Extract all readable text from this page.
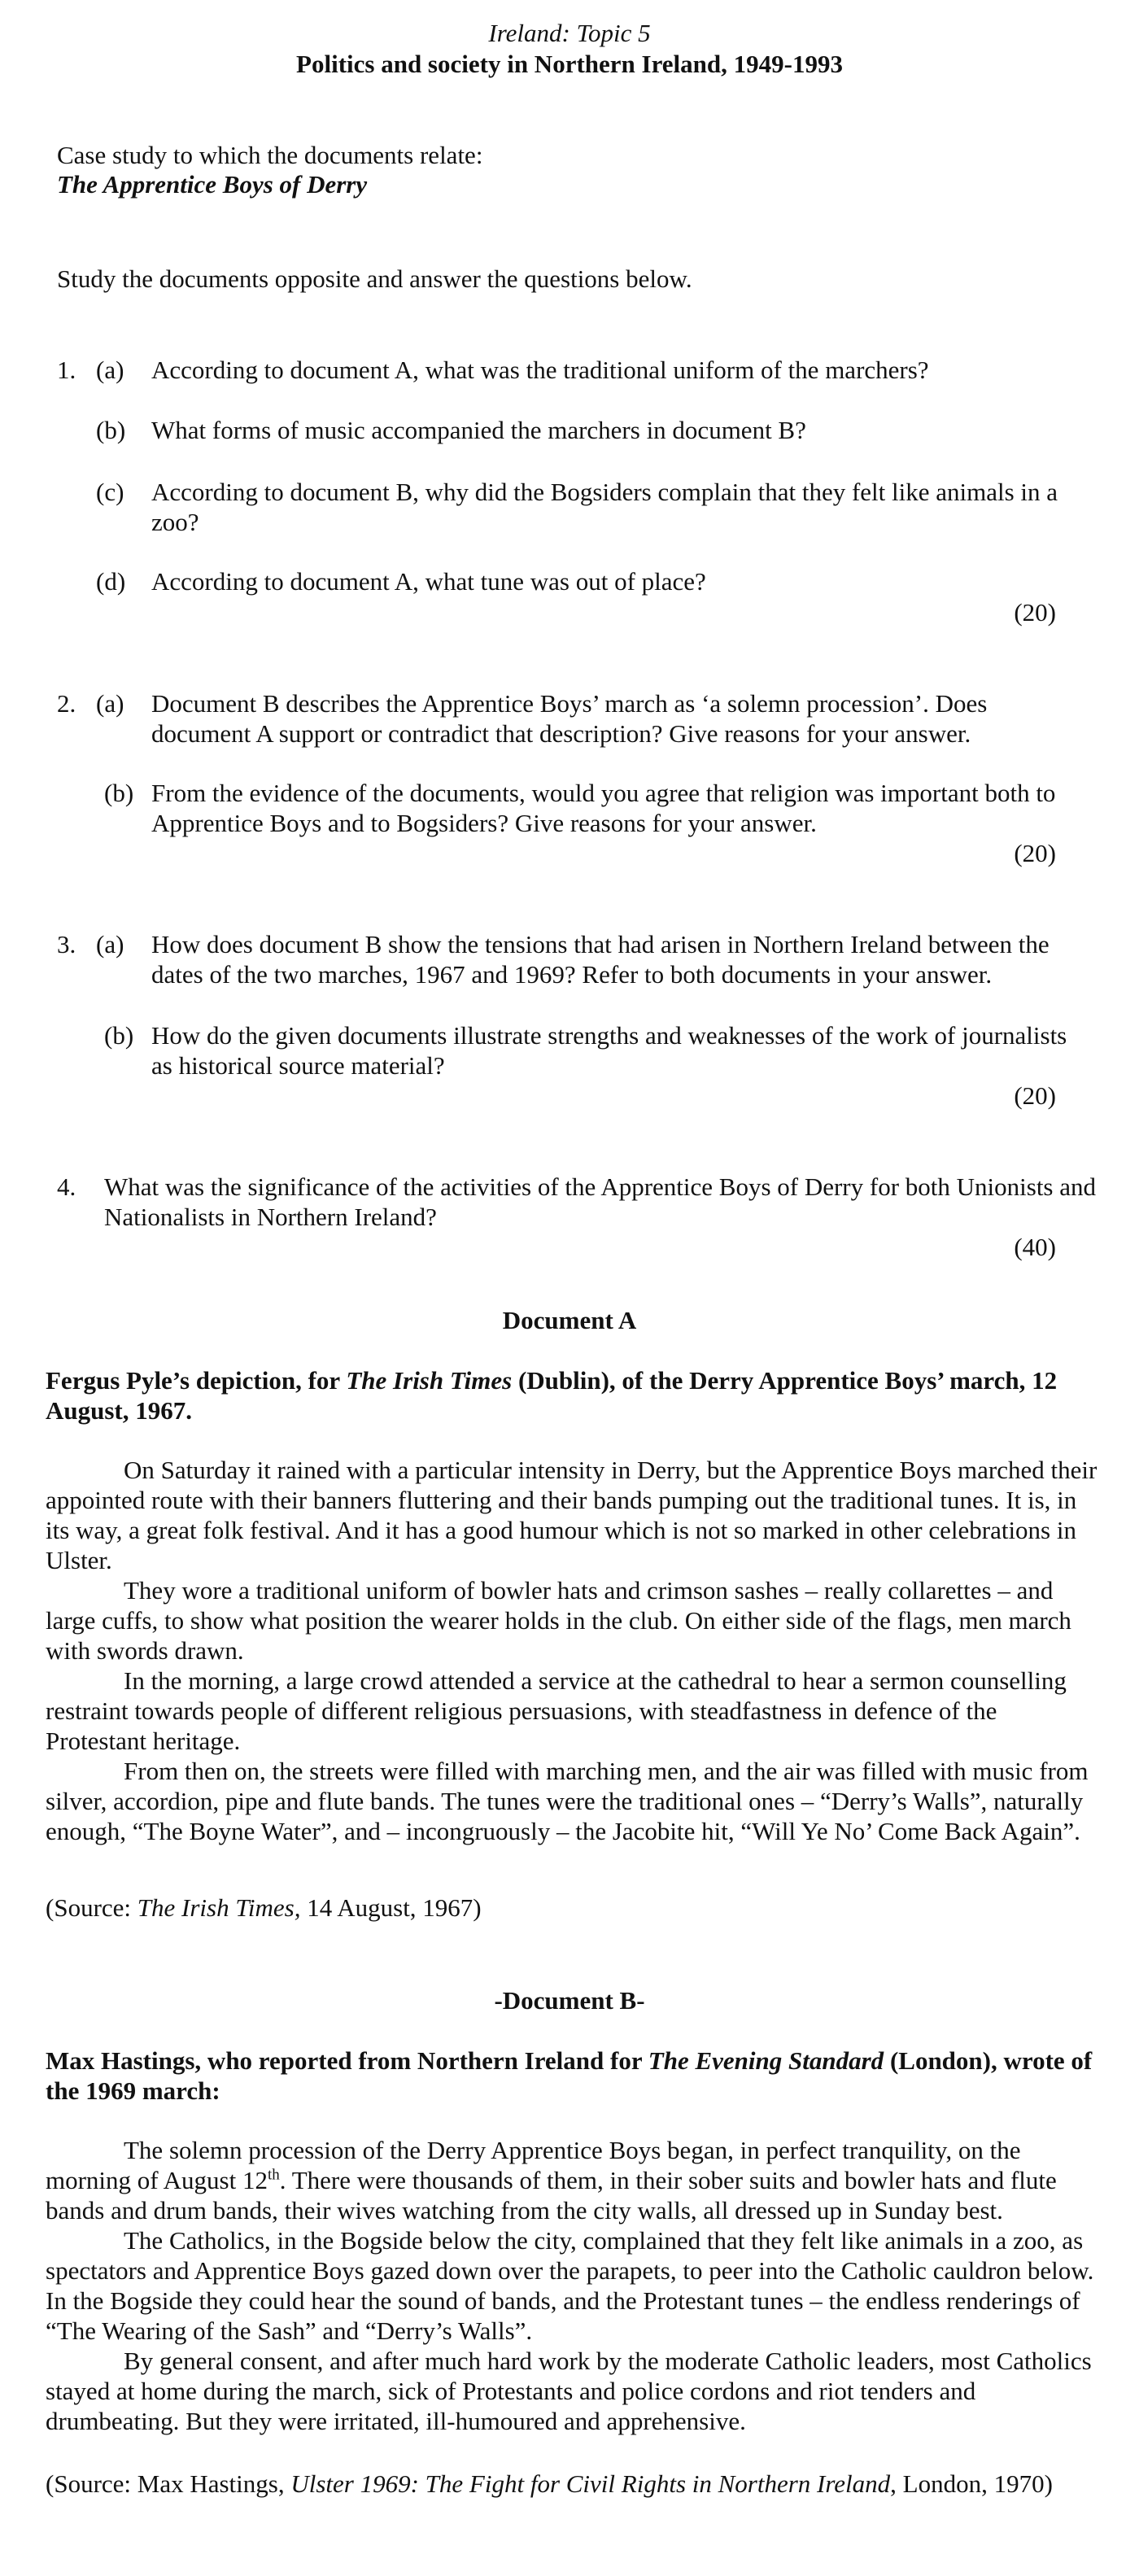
Ireland: Topic 5
Politics and society in Northern Ireland, 1949-1993
Case study to which the documents relate:
The Apprentice Boys of Derry
Study the documents opposite and answer the questions below.
1. (a) According to document A, what was the traditional uniform of the marchers?
(b) What forms of music accompanied the marchers in document B?
(c) According to document B, why did the Bogsiders complain that they felt like animals in a zoo?
(d) According to document A, what tune was out of place?
(20)
2. (a) Document B describes the Apprentice Boys’ march as ‘a solemn procession’. Does document A support or contradict that description? Give reasons for your answer.
(b) From the evidence of the documents, would you agree that religion was important both to Apprentice Boys and to Bogsiders? Give reasons for your answer.
(20)
3. (a) How does document B show the tensions that had arisen in Northern Ireland between the dates of the two marches, 1967 and 1969? Refer to both documents in your answer.
(b) How do the given documents illustrate strengths and weaknesses of the work of journalists as historical source material?
(20)
4. What was the significance of the activities of the Apprentice Boys of Derry for both Unionists and Nationalists in Northern Ireland?
(40)
Document A
Fergus Pyle’s depiction, for The Irish Times (Dublin), of the Derry Apprentice Boys’ march, 12 August, 1967.

On Saturday it rained with a particular intensity in Derry, but the Apprentice Boys marched their appointed route with their banners fluttering and their bands pumping out the traditional tunes. It is, in its way, a great folk festival. And it has a good humour which is not so marked in other celebrations in Ulster.

They wore a traditional uniform of bowler hats and crimson sashes – really collarettes – and large cuffs, to show what position the wearer holds in the club. On either side of the flags, men march with swords drawn.

In the morning, a large crowd attended a service at the cathedral to hear a sermon counselling restraint towards people of different religious persuasions, with steadfastness in defence of the Protestant heritage.

From then on, the streets were filled with marching men, and the air was filled with music from silver, accordion, pipe and flute bands. The tunes were the traditional ones – “Derry’s Walls”, naturally enough, “The Boyne Water”, and – incongruously – the Jacobite hit, “Will Ye No’ Come Back Again”.

(Source: The Irish Times, 14 August, 1967)
-Document B-
Max Hastings, who reported from Northern Ireland for The Evening Standard (London), wrote of the 1969 march:

The solemn procession of the Derry Apprentice Boys began, in perfect tranquility, on the morning of August 12th. There were thousands of them, in their sober suits and bowler hats and flute bands and drum bands, their wives watching from the city walls, all dressed up in Sunday best.

The Catholics, in the Bogside below the city, complained that they felt like animals in a zoo, as spectators and Apprentice Boys gazed down over the parapets, to peer into the Catholic cauldron below. In the Bogside they could hear the sound of bands, and the Protestant tunes – the endless renderings of “The Wearing of the Sash” and “Derry’s Walls”.

By general consent, and after much hard work by the moderate Catholic leaders, most Catholics stayed at home during the march, sick of Protestants and police cordons and riot tenders and drumbeating. But they were irritated, ill-humoured and apprehensive.

(Source: Max Hastings, Ulster 1969: The Fight for Civil Rights in Northern Ireland, London, 1970)
